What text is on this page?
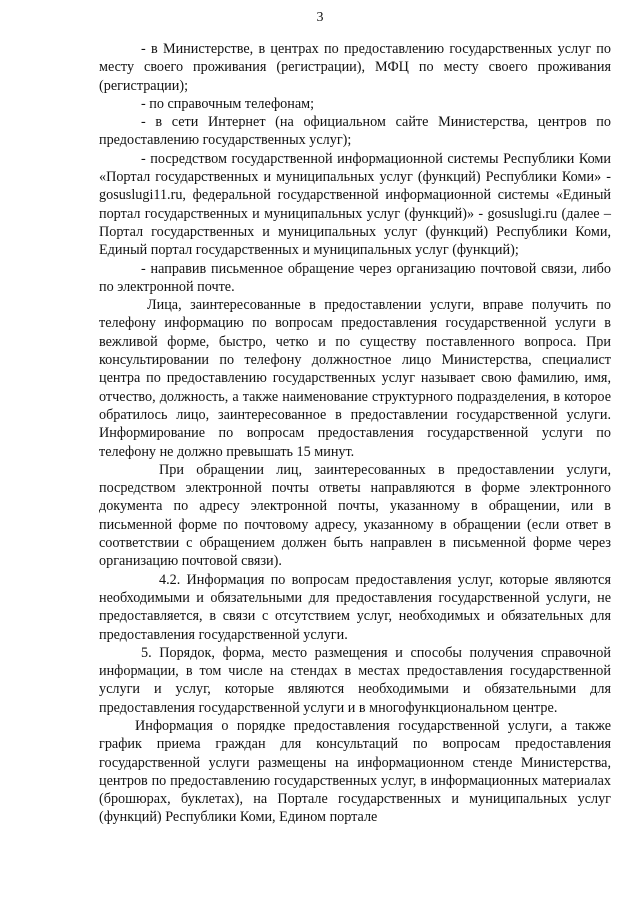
3

- в Министерстве, в центрах по предоставлению государственных услуг по месту своего проживания (регистрации), МФЦ по месту своего проживания (регистрации);

- по справочным телефонам;

- в сети Интернет (на официальном сайте Министерства, центров по предоставлению государственных услуг);

- посредством государственной информационной системы Республики Коми «Портал государственных и муниципальных услуг (функций) Республики Коми» - gosuslugi11.ru, федеральной государственной информационной системы «Единый портал государственных и муниципальных услуг (функций)» - gosuslugi.ru (далее – Портал государственных и муниципальных услуг (функций) Республики Коми, Единый портал государственных и муниципальных услуг (функций);

- направив письменное обращение через организацию почтовой связи, либо по электронной почте.

Лица, заинтересованные в предоставлении услуги, вправе получить по телефону информацию по вопросам предоставления государственной услуги в вежливой форме, быстро, четко и по существу поставленного вопроса. При консультировании по телефону должностное лицо Министерства, специалист центра по предоставлению государственных услуг называет свою фамилию, имя, отчество, должность, а также наименование структурного подразделения, в которое обратилось лицо, заинтересованное в предоставлении государственной услуги. Информирование по вопросам предоставления государственной услуги по телефону не должно превышать 15 минут.

При обращении лиц, заинтересованных в предоставлении услуги, посредством электронной почты ответы направляются в форме электронного документа по адресу электронной почты, указанному в обращении, или в письменной форме по почтовому адресу, указанному в обращении (если ответ в соответствии с обращением должен быть направлен в письменной форме через организацию почтовой связи).

4.2. Информация по вопросам предоставления услуг, которые являются необходимыми и обязательными для предоставления государственной услуги, не предоставляется, в связи с отсутствием услуг, необходимых и обязательных для предоставления государственной услуги.

5. Порядок, форма, место размещения и способы получения справочной информации, в том числе на стендах в местах предоставления государственной услуги и услуг, которые являются необходимыми и обязательными для предоставления государственной услуги и в многофункциональном центре.

Информация о порядке предоставления государственной услуги, а также график приема граждан для консультаций по вопросам предоставления государственной услуги размещены на информационном стенде Министерства, центров по предоставлению государственных услуг, в информационных материалах (брошюрах, буклетах), на Портале государственных и муниципальных услуг (функций) Республики Коми, Едином портале
